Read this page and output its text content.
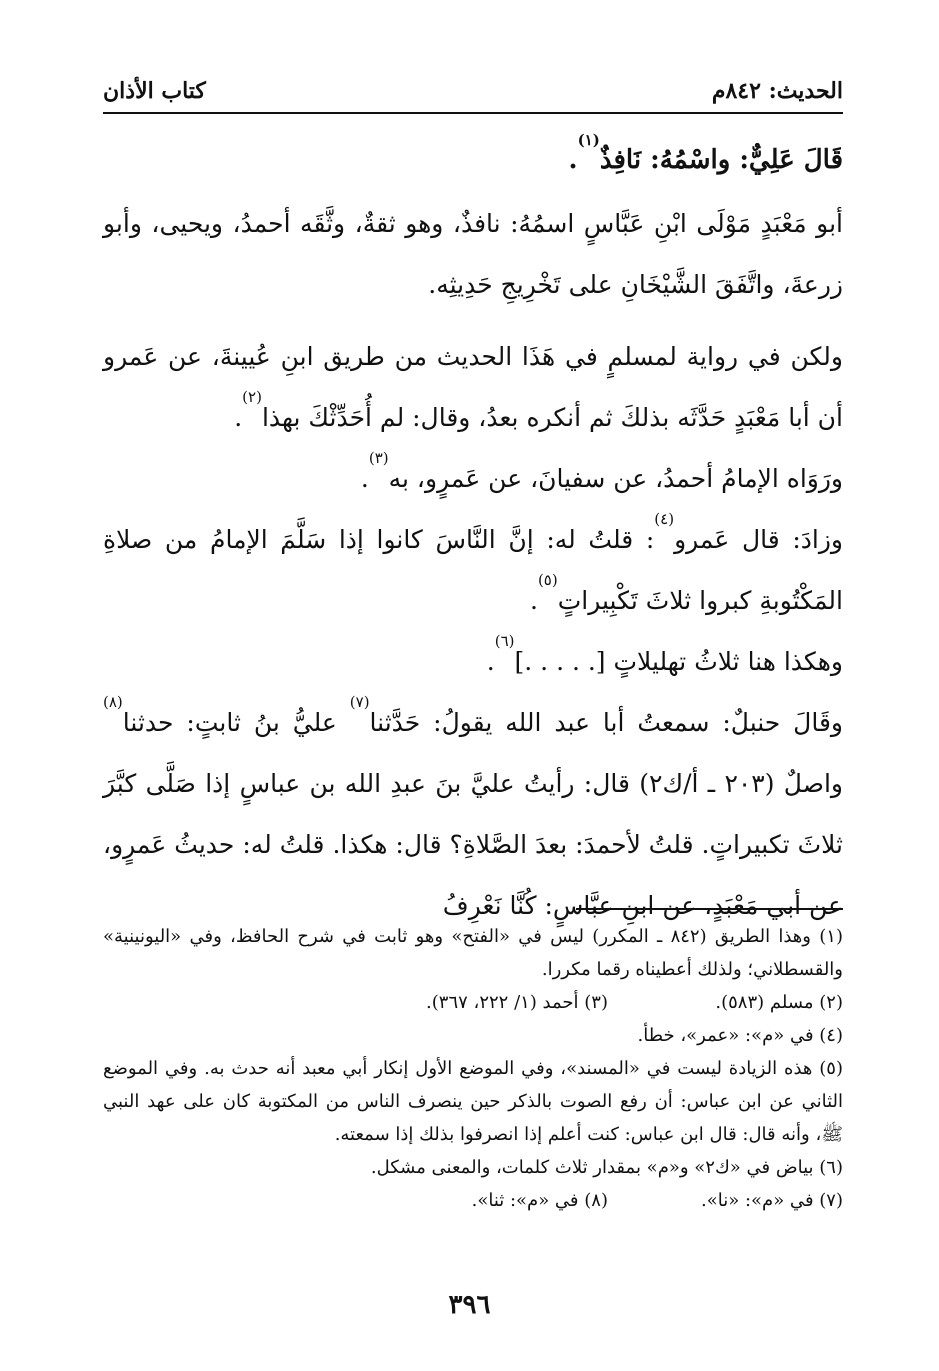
الحديث: ٨٤٢م
كتاب الأذان

قَالَ عَلِيٌّ: واسْمُهُ: نَافِذٌ$^{(١)}$.

أبو مَعْبَدٍ مَوْلَى ابْنِ عَبَّاسٍ اسمُهُ: نافذٌ، وهو ثقةٌ، وثَّقَه أحمدُ، ويحيى، وأبو زرعةَ، واتَّفَقَ الشَّيْخَانِ على تَخْرِيجِ حَدِيثِه.

ولكن في رواية لمسلمٍ في هَذَا الحديث من طريق ابنِ عُيينةَ، عن عَمرو أن أبا مَعْبَدٍ حَدَّثَه بذلكَ ثم أنكره بعدُ، وقال: لم أُحَدِّثْكَ بهذا$^{(٢)}$.

ورَوَاه الإمامُ أحمدُ، عن سفيانَ، عن عَمرٍو، به$^{(٣)}$.

وزادَ: قال عَمرو$^{(٤)}$: قلتُ له: إنَّ النَّاسَ كانوا إذا سَلَّمَ الإمامُ من صلاةِ المَكْتُوبةِ كبروا ثلاثَ تَكْبِيراتٍ$^{(٥)}$.

وهكذا هنا ثلاثُ تهليلاتٍ [. . . . .]$^{(٦)}$.

وقَالَ حنبلٌ: سمعتُ أبا عبد الله يقولُ: حَدَّثنا$^{(٧)}$ عليُّ بنُ ثابتٍ: حدثنا$^{(٨)}$ واصلٌ (٢٠٣ ـ أ/ك٢) قال: رأيتُ عليَّ بنَ عبدِ الله بن عباسٍ إذا صَلَّى كبَّرَ ثلاثَ تكبيراتٍ. قلتُ لأحمدَ: بعدَ الصَّلاةِ؟ قال: هكذا. قلتُ له: حديثُ عَمرٍو، عن أبي مَعْبَدٍ، عن ابنِ عبَّاسٍ: كُنَّا نَعْرِفُ

(١) وهذا الطريق (٨٤٢ ـ المكرر) ليس في «الفتح» وهو ثابت في شرح الحافظ، وفي «اليونينية» والقسطلاني؛ ولذلك أعطيناه رقما مكررا.

(٢) مسلم (٥٨٣).
(٣) أحمد (١/ ٢٢٢، ٣٦٧).

(٤) في «م»: «عمر»، خطأ.

(٥) هذه الزيادة ليست في «المسند»، وفي الموضع الأول إنكار أبي معبد أنه حدث به. وفي الموضع الثاني عن ابن عباس: أن رفع الصوت بالذكر حين ينصرف الناس من المكتوبة كان على عهد النبي ﷺ، وأنه قال: قال ابن عباس: كنت أعلم إذا انصرفوا بذلك إذا سمعته.

(٦) بياض في «ك٢» و«م» بمقدار ثلاث كلمات، والمعنى مشكل.

(٧) في «م»: «نا».
(٨) في «م»: ثنا».
٣٩٦
